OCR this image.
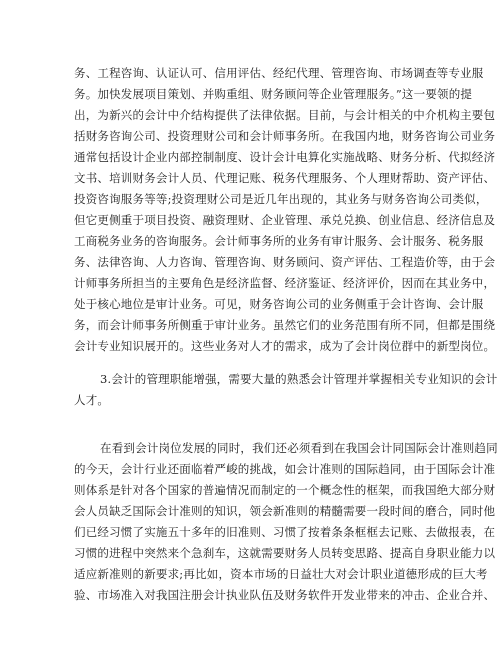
务、工程咨询、认证认可、信用评估、经纪代理、管理咨询、市场调查等专业服
务。加快发展项目策划、并购重组、财务顾问等企业管理服务。”这一要领的提
出，为新兴的会计中介结构提供了法律依据。目前，与会计相关的中介机构主要包
括财务咨询公司、投资理财公司和会计师事务所。在我国内地，财务咨询公司业务
通常包括设计企业内部控制制度、设计会计电算化实施战略、财务分析、代拟经济
文书、培训财务会计人员、代理记账、税务代理服务、个人理财帮助、资产评估、
投资咨询服务等等;投资理财公司是近几年出现的，其业务与财务咨询公司类似，
但它更侧重于项目投资、融资理财、企业管理、承兑兑换、创业信息、经济信息及
工商税务业务的咨询服务。会计师事务所的业务有审计服务、会计服务、税务服
务、法律咨询、人力咨询、管理咨询、财务顾问、资产评估、工程造价等，由于会
计师事务所担当的主要角色是经济监督、经济鉴证、经济评价，因而在其业务中，
处于核心地位是审计业务。可见，财务咨询公司的业务侧重于会计咨询、会计服
务，而会计师事务所侧重于审计业务。虽然它们的业务范围有所不同，但都是围绕
会计专业知识展开的。这些业务对人才的需求，成为了会计岗位群中的新型岗位。
3.会计的管理职能增强，需要大量的熟悉会计管理并掌握相关专业知识的会计
人才。
在看到会计岗位发展的同时，我们还必须看到在我国会计同国际会计准则趋同
的今天，会计行业还面临着严峻的挑战，如会计准则的国际趋同，由于国际会计准
则体系是针对各个国家的普遍情况而制定的一个概念性的框架，而我国绝大部分财
会人员缺乏国际会计准则的知识，领会新准则的精髓需要一段时间的磨合，同时他
们已经习惯了实施五十多年的旧准则、习惯了按着条条框框去记账、去做报表，在
习惯的进程中突然来个急刹车，这就需要财务人员转变思路、提高自身职业能力以
适应新准则的新要求;再比如，资本市场的日益壮大对会计职业道德形成的巨大考
验、市场准入对我国注册会计执业队伍及财务软件开发业带来的冲击、企业合并、
